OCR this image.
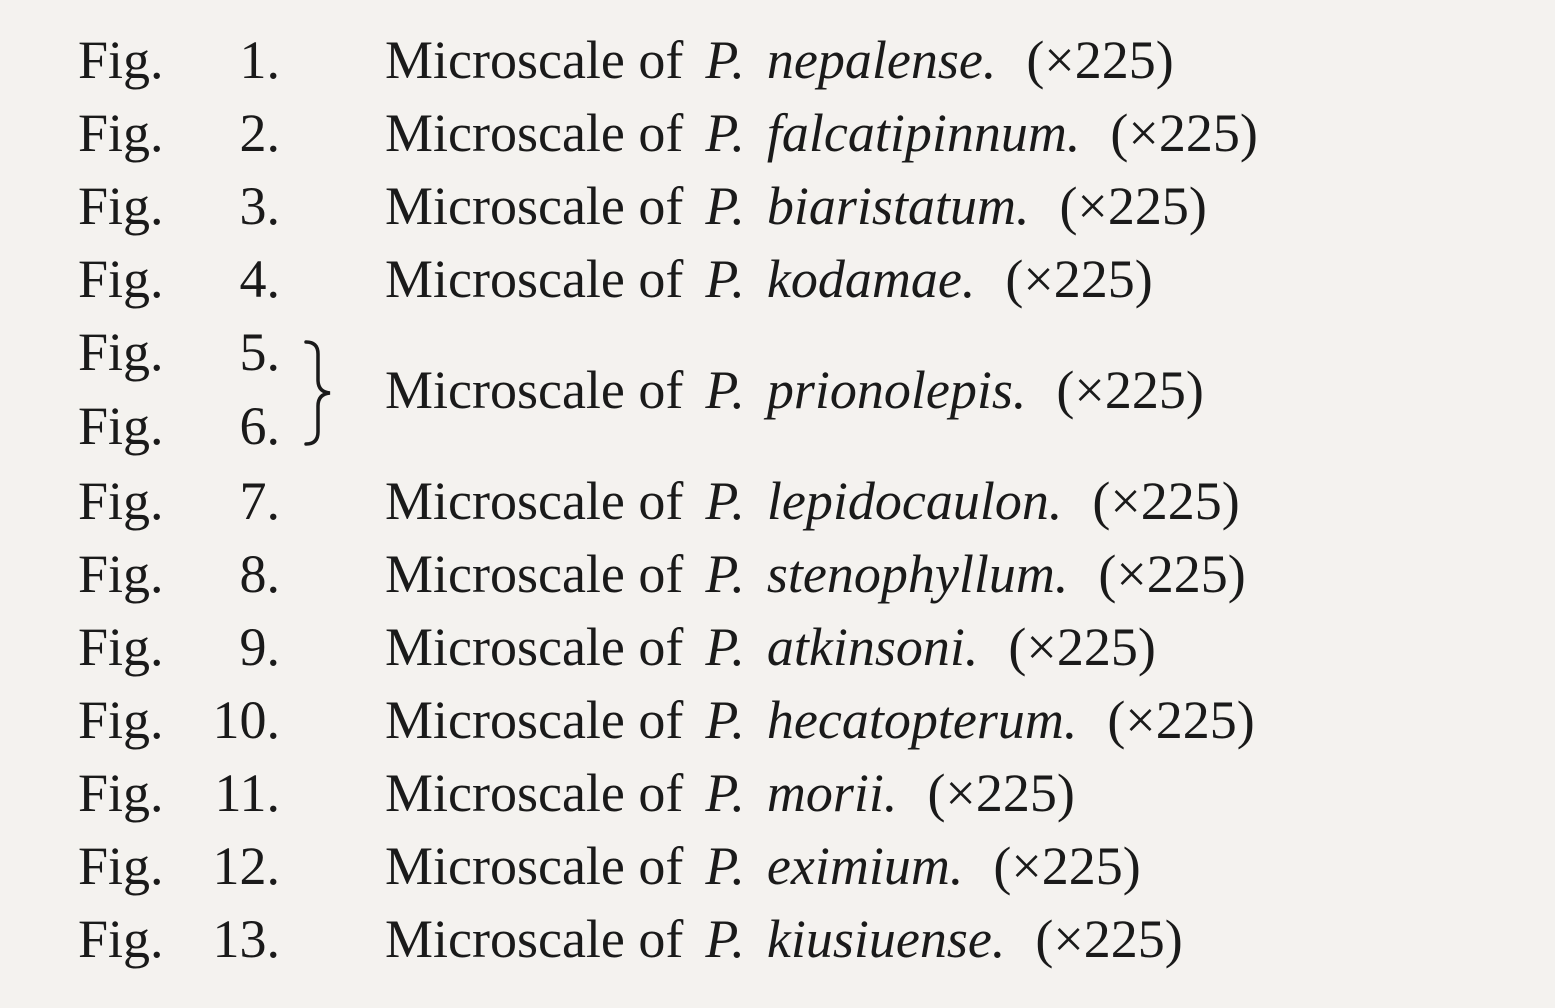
Fig.	1. Microscale of P. nepalense. (×225)
Fig.	2. Microscale of P. falcatipinnum. (×225)
Fig.	3. Microscale of P. biaristatum. (×225)
Fig.	4. Microscale of P. kodamae. (×225)
Fig.	5.
Fig.	6.
Microscale of P. prionolepis. (×225)
Fig.	7. Microscale of P. lepidocaulon. (×225)
Fig.	8. Microscale of P. stenophyllum. (×225)
Fig.	9. Microscale of P. atkinsoni. (×225)
Fig. 10. Microscale of P. hecatopterum. (×225)
Fig. 11. Microscale of P. morii. (×225)
Fig. 12. Microscale of P. eximium. (×225)
Fig. 13. Microscale of P. kiusiuense. (×225)
